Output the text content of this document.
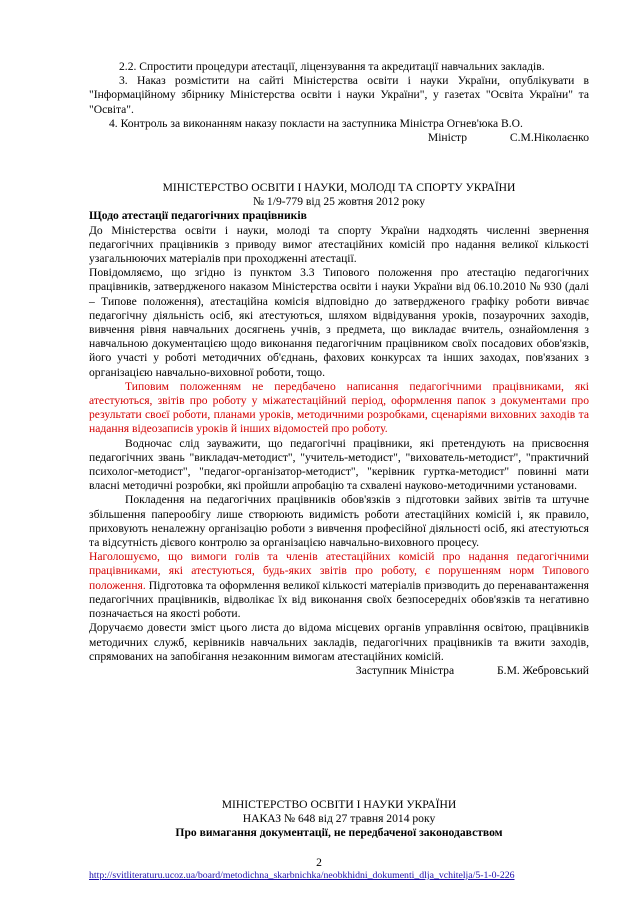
2.2. Спростити процедури атестації, ліцензування та акредитації навчальних закладів.

3. Наказ розмістити на сайті Міністерства освіти і науки України, опублікувати в "Інформаційному збірнику Міністерства освіти і науки України", у газетах "Освіта України" та "Освіта".

4. Контроль за виконанням наказу покласти на заступника Міністра Огнев'юка В.О.

Міністр	С.М.Ніколаєнко

МІНІСТЕРСТВО ОСВІТИ І НАУКИ, МОЛОДІ ТА СПОРТУ УКРАЇНИ

№ 1/9-779 від 25 жовтня 2012 року

Щодо атестації педагогічних працівників

До Міністерства освіти і науки, молоді та спорту України надходять численні звернення педагогічних працівників з приводу вимог атестаційних комісій про надання великої кількості узагальнюючих матеріалів при проходженні атестації.

Повідомляємо, що згідно із пунктом 3.3 Типового положення про атестацію педагогічних працівників, затвердженого наказом Міністерства освіти і науки України від 06.10.2010 № 930 (далі – Типове положення), атестаційна комісія відповідно до затвердженого графіку роботи вивчає педагогічну діяльність осіб, які атестуються, шляхом відвідування уроків, позаурочних заходів, вивчення рівня навчальних досягнень учнів, з предмета, що викладає вчитель, ознайомлення з навчальною документацією щодо виконання педагогічним працівником своїх посадових обов'язків, його участі у роботі методичних об'єднань, фахових конкурсах та інших заходах, пов'язаних з організацією навчально-виховної роботи, тощо.

Типовим положенням не передбачено написання педагогічними працівниками, які атестуються, звітів про роботу у міжатестаційний період, оформлення папок з документами про результати своєї роботи, планами уроків, методичними розробками, сценаріями виховних заходів та надання відеозаписів уроків й інших відомостей про роботу.

Водночас слід зауважити, що педагогічні працівники, які претендують на присвоєння педагогічних звань "викладач-методист", "учитель-методист", "вихователь-методист", "практичний психолог-методист", "педагог-організатор-методист", "керівник гуртка-методист" повинні мати власні методичні розробки, які пройшли апробацію та схвалені науково-методичними установами.

Покладення на педагогічних працівників обов'язків з підготовки зайвих звітів та штучне збільшення паперообігу лише створюють видимість роботи атестаційних комісій і, як правило, приховують неналежну організацію роботи з вивчення професійної діяльності осіб, які атестуються та відсутність дієвого контролю за організацією навчально-виховного процесу.

Наголошуємо, що вимоги голів та членів атестаційних комісій про надання педагогічними працівниками, які атестуються, будь-яких звітів про роботу, є порушенням норм Типового положення. Підготовка та оформлення великої кількості матеріалів призводить до перенавантаження педагогічних працівників, відволікає їх від виконання своїх безпосередніх обов'язків та негативно позначається на якості роботи.

Доручаємо довести зміст цього листа до відома місцевих органів управління освітою, працівників методичних служб, керівників навчальних закладів, педагогічних працівників та вжити заходів, спрямованих на запобігання незаконним вимогам атестаційних комісій.

Заступник Міністра	Б.М. Жебровський

МІНІСТЕРСТВО ОСВІТИ І НАУКИ УКРАЇНИ

НАКАЗ № 648 від 27 травня 2014 року

Про вимагання документації, не передбаченої законодавством

2
http://svitliteraturu.ucoz.ua/board/metodichna_skarbnichka/neobkhidni_dokumenti_dlja_vchitelja/5-1-0-226
